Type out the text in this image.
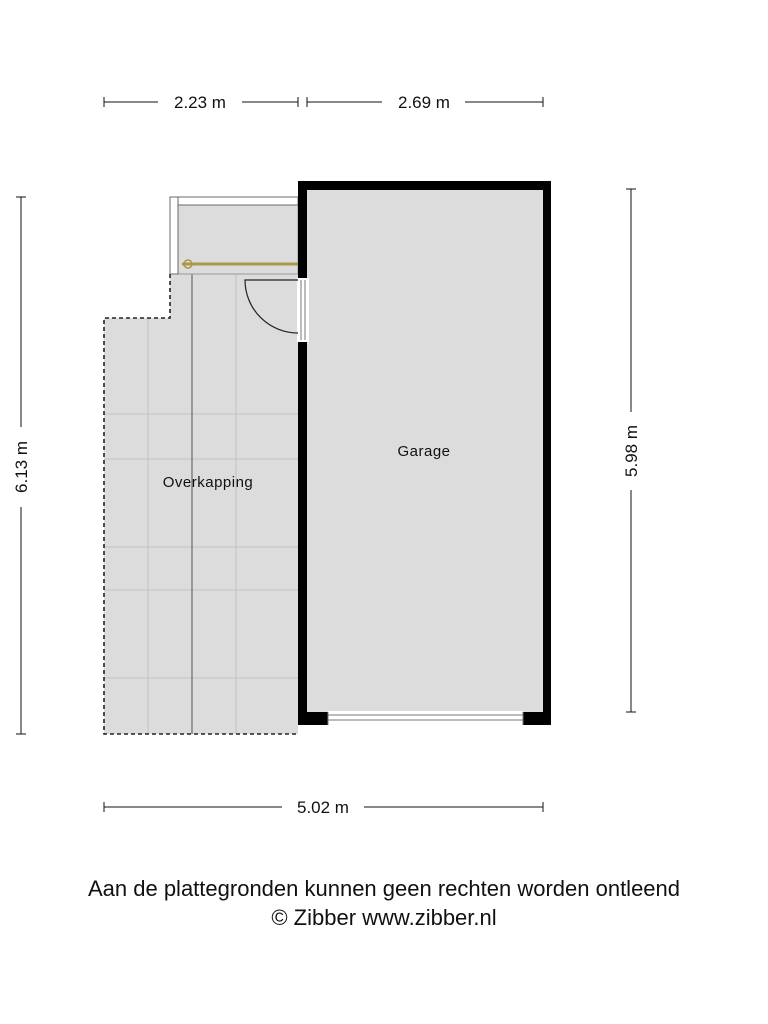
2.23 m	2.69 m
6.13 m	5.98 m
5.02 m
Overkapping
Garage
Aan de plattegronden kunnen geen rechten worden ontleend
© Zibber www.zibber.nl
